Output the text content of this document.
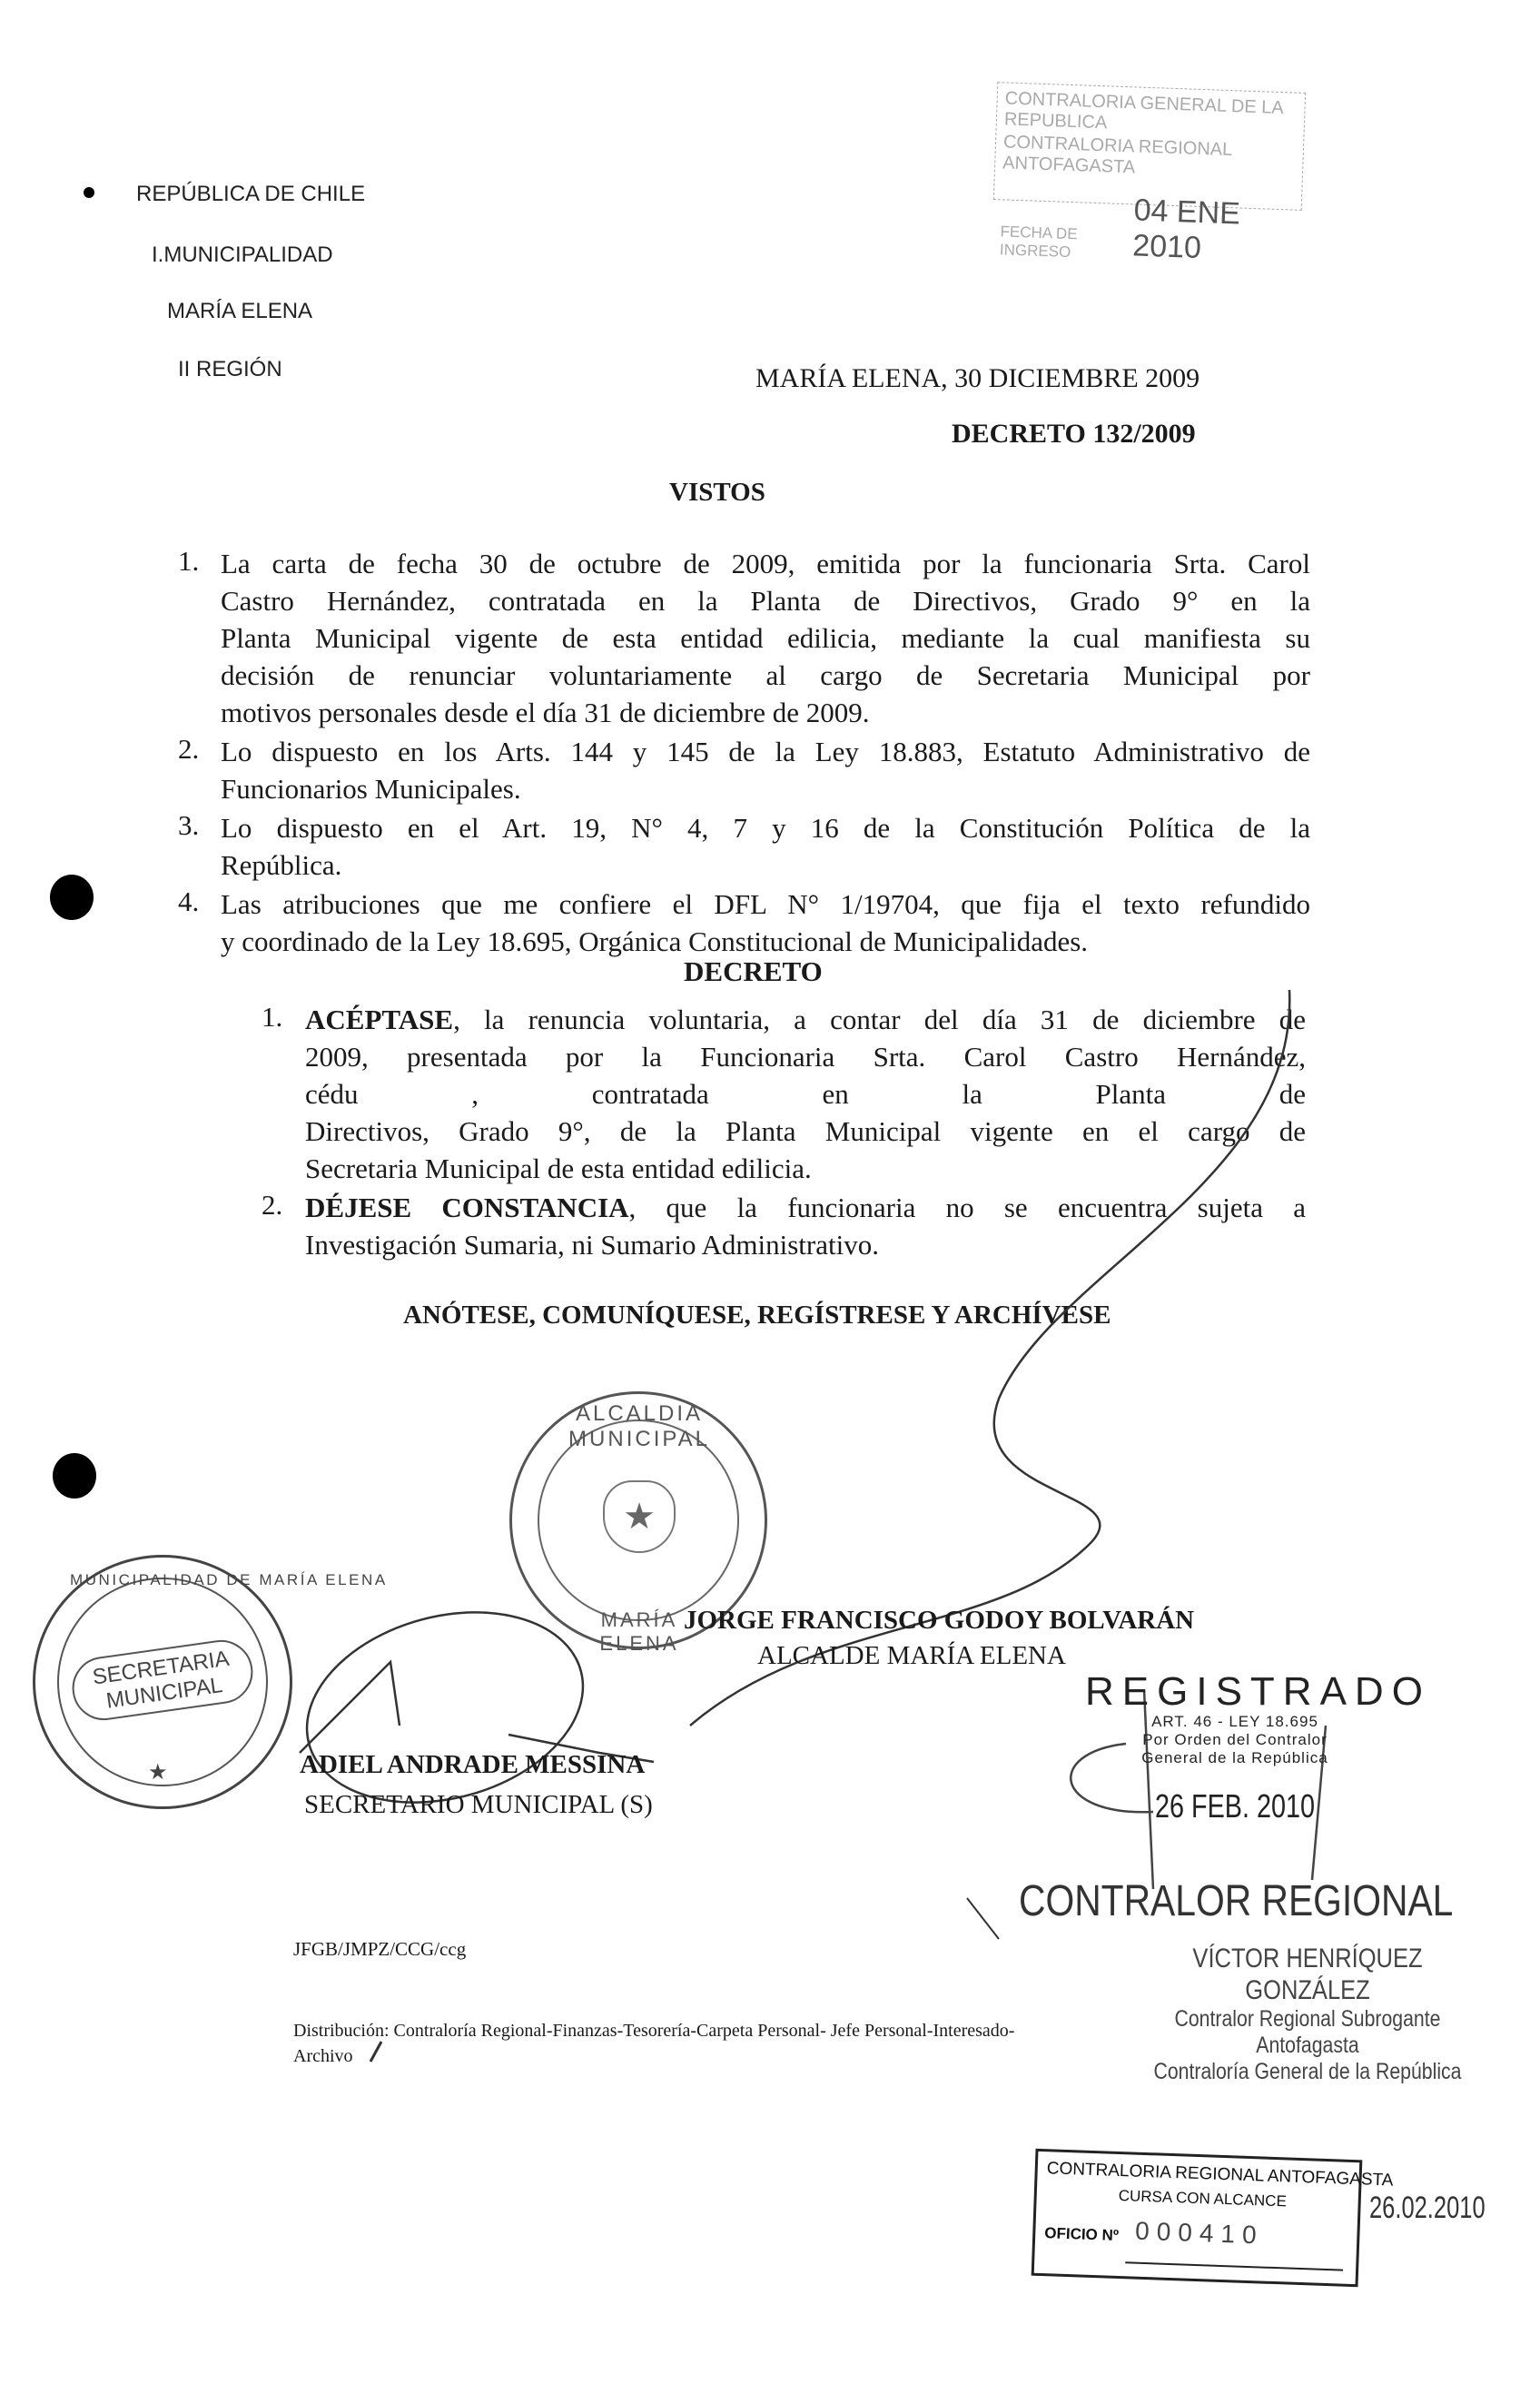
REPÚBLICA DE CHILE
I.MUNICIPALIDAD
MARÍA ELENA
II REGIÓN
CONTRALORIA GENERAL DE LA REPUBLICA
CONTRALORIA REGIONAL ANTOFAGASTA
FECHA DE INGRESO
04 ENE 2010
MARÍA ELENA, 30 DICIEMBRE 2009
DECRETO 132/2009
VISTOS
1. La carta de fecha 30 de octubre de 2009, emitida por la funcionaria Srta. Carol
Castro Hernández, contratada en la Planta de Directivos, Grado 9° en la
Planta Municipal vigente de esta entidad edilicia, mediante la cual manifiesta su
decisión de renunciar voluntariamente al cargo de Secretaria Municipal por
motivos personales desde el día 31 de diciembre de 2009.
2. Lo dispuesto en los Arts. 144 y 145 de la Ley 18.883, Estatuto Administrativo de
Funcionarios Municipales.
3. Lo dispuesto en el Art. 19, N° 4, 7 y 16 de la Constitución Política de la
República.
4. Las atribuciones que me confiere el DFL N° 1/19704, que fija el texto refundido
y coordinado de la Ley 18.695, Orgánica Constitucional de Municipalidades.
DECRETO
1. ACÉPTASE, la renuncia voluntaria, a contar del día 31 de diciembre de
2009, presentada por la Funcionaria Srta. Carol Castro Hernández,
cédu , contratada en la Planta de
Directivos, Grado 9°, de la Planta Municipal vigente en el cargo de
Secretaria Municipal de esta entidad edilicia.
2. DÉJESE CONSTANCIA, que la funcionaria no se encuentra sujeta a
Investigación Sumaria, ni Sumario Administrativo.
ANÓTESE, COMUNÍQUESE, REGÍSTRESE Y ARCHÍVESE
ALCALDIA MUNICIPAL
MARÍA ELENA
★
MUNICIPALIDAD DE MARÍA ELENA
SECRETARIA MUNICIPAL
★
JORGE FRANCISCO GODOY BOLVARÁN
ALCALDE MARÍA ELENA
ADIEL ANDRADE MESSINA
SECRETARIO MUNICIPAL (S)
REGISTRADO
ART. 46 - LEY 18.695
Por Orden del Contralor
General de la República
26 FEB. 2010
CONTRALOR REGIONAL
VÍCTOR HENRÍQUEZ GONZÁLEZ
Contralor Regional Subrogante
Antofagasta
Contraloría General de la República
JFGB/JMPZ/CCG/ccg
Distribución: Contraloría Regional-Finanzas-Tesorería-Carpeta Personal- Jefe Personal-Interesado-
Archivo
CONTRALORIA REGIONAL ANTOFAGASTA
CURSA CON ALCANCE
OFICIO Nº 000410
26.02.2010
